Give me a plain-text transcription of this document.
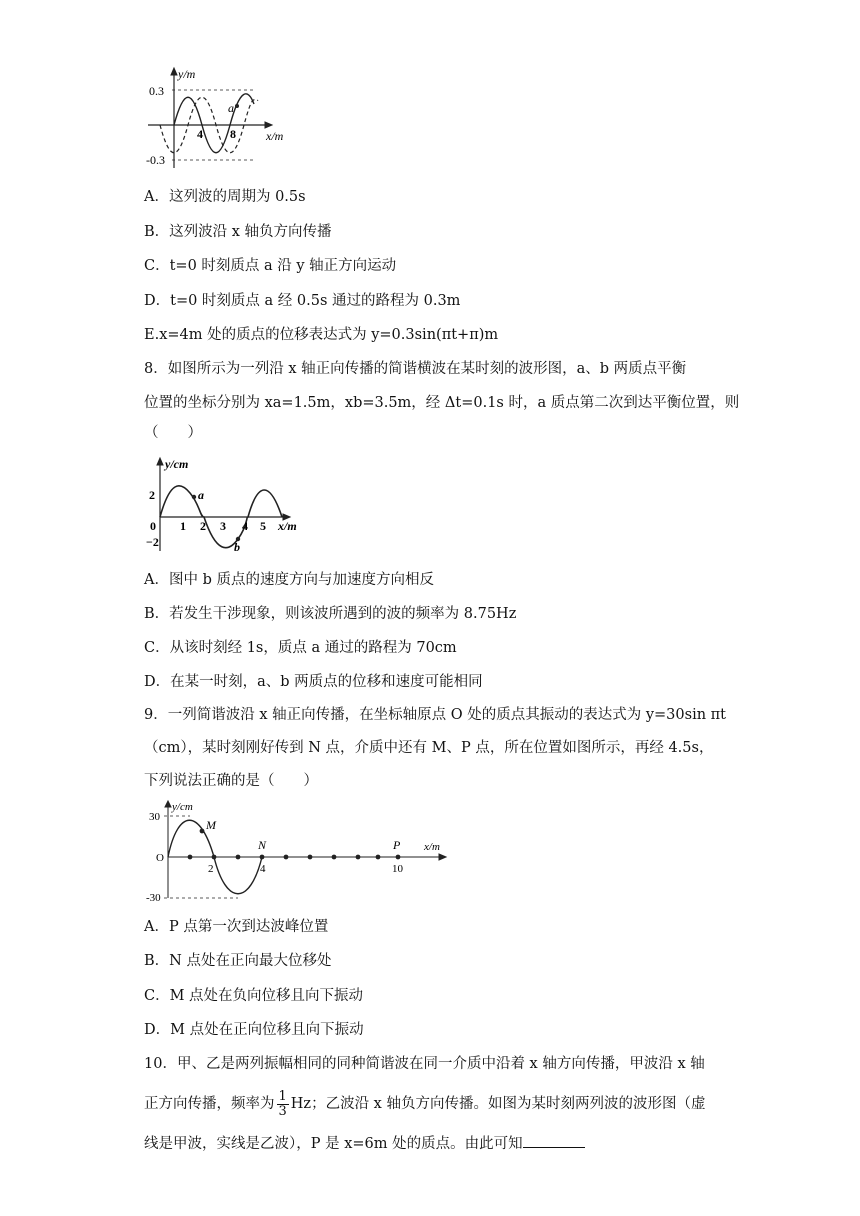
y/m
0.3
-0.3
4 8
a
x/m
A．这列波的周期为 0.5s
B．这列波沿 x 轴负方向传播
C．t=0 时刻质点 a 沿 y 轴正方向运动
D．t=0 时刻质点 a 经 0.5s 通过的路程为 0.3m
E.x=4m 处的质点的位移表达式为 y=0.3sin(πt+π)m
8．如图所示为一列沿 x 轴正向传播的简谐横波在某时刻的波形图，a、b 两质点平衡
位置的坐标分别为 xa=1.5m，xb=3.5m，经 Δt=0.1s 时，a 质点第二次到达平衡位置，则
（　　）
y/cm
2
−2
0 1 2 3 4 5
a
b
x/m
A．图中 b 质点的速度方向与加速度方向相反
B．若发生干涉现象，则该波所遇到的波的频率为 8.75Hz
C．从该时刻经 1s，质点 a 通过的路程为 70cm
D．在某一时刻，a、b 两质点的位移和速度可能相同
9．一列简谐波沿 x 轴正向传播，在坐标轴原点 O 处的质点其振动的表达式为 y=30sin πt
（cm），某时刻刚好传到 N 点，介质中还有 M、P 点，所在位置如图所示，再经 4.5s，
下列说法正确的是（　　）
y/cm
30
-30
O
M
2
N
4
P
10
x/m
A．P 点第一次到达波峰位置
B．N 点处在正向最大位移处
C．M 点处在负向位移且向下振动
D．M 点处在正向位移且向下振动
10．甲、乙是两列振幅相同的同种简谐波在同一介质中沿着 x 轴方向传播，甲波沿 x 轴
正方向传播，频率为 $\frac{1}{3}$ Hz；乙波沿 x 轴负方向传播。如图为某时刻两列波的波形图（虚
线是甲波，实线是乙波），P 是 x=6m 处的质点。由此可知
